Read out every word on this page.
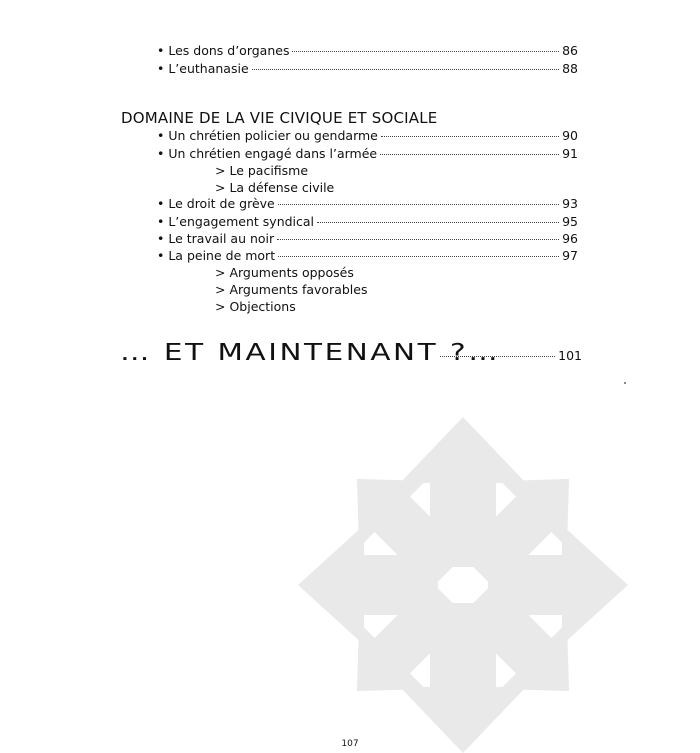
• Les dons d’organes	86
• L’euthanasie	88
DOMAINE DE LA VIE CIVIQUE ET SOCIALE
• Un chrétien policier ou gendarme	90
• Un chrétien engagé dans l’armée	91
> Le pacifisme
> La défense civile
• Le droit de grève	93
• L’engagement syndical	95
• Le travail au noir	96
• La peine de mort	97
> Arguments opposés
> Arguments favorables
> Objections
… ET MAINTENANT ?…	101
107
